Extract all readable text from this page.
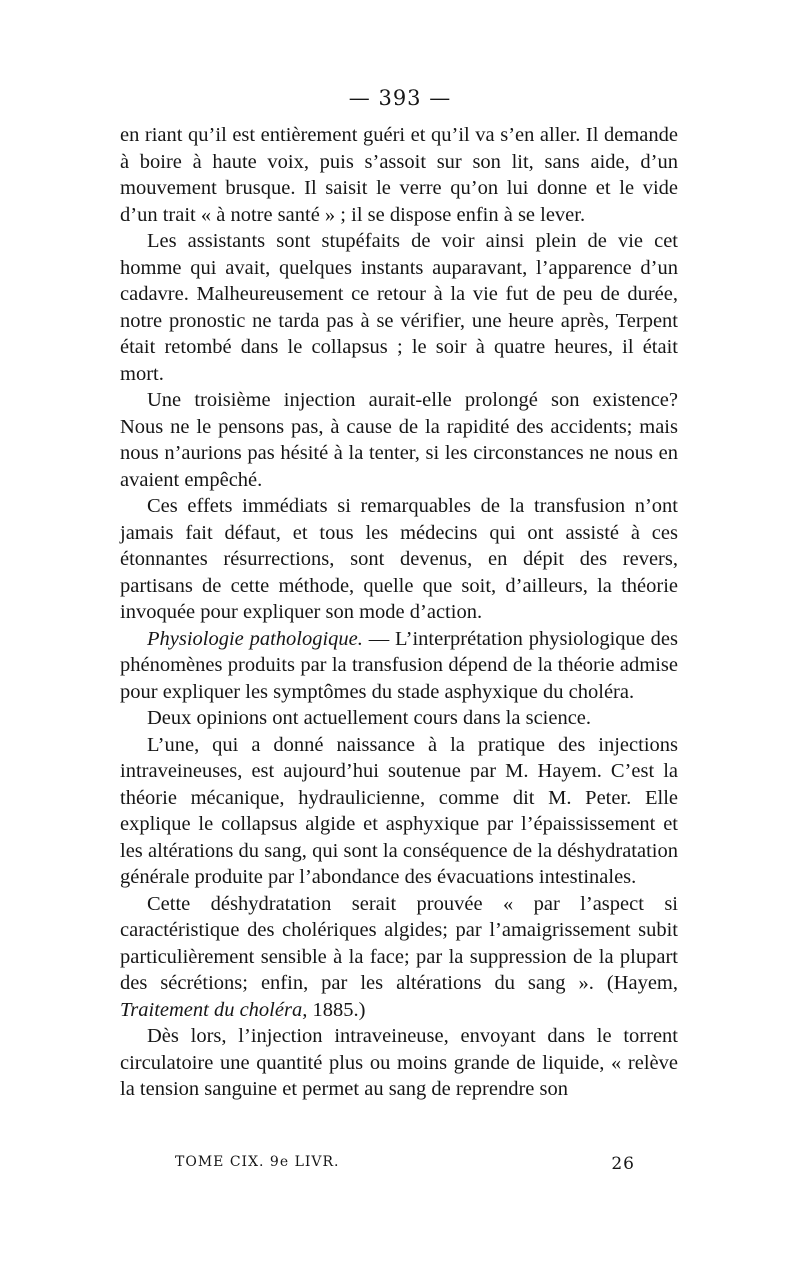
— 393 —

en riant qu’il est entièrement guéri et qu’il va s’en aller. Il demande à boire à haute voix, puis s’assoit sur son lit, sans aide, d’un mouvement brusque. Il saisit le verre qu’on lui donne et le vide d’un trait « à notre santé » ; il se dispose enfin à se lever.

Les assistants sont stupéfaits de voir ainsi plein de vie cet homme qui avait, quelques instants auparavant, l’apparence d’un cadavre. Malheureusement ce retour à la vie fut de peu de durée, notre pronostic ne tarda pas à se vérifier, une heure après, Terpent était retombé dans le collapsus ; le soir à quatre heures, il était mort.

Une troisième injection aurait-elle prolongé son existence? Nous ne le pensons pas, à cause de la rapidité des accidents; mais nous n’aurions pas hésité à la tenter, si les circonstances ne nous en avaient empêché.

Ces effets immédiats si remarquables de la transfusion n’ont jamais fait défaut, et tous les médecins qui ont assisté à ces étonnantes résurrections, sont devenus, en dépit des revers, partisans de cette méthode, quelle que soit, d’ailleurs, la théorie invoquée pour expliquer son mode d’action.

Physiologie pathologique. — L’interprétation physiologique des phénomènes produits par la transfusion dépend de la théorie admise pour expliquer les symptômes du stade asphyxique du choléra.

Deux opinions ont actuellement cours dans la science.

L’une, qui a donné naissance à la pratique des injections intraveineuses, est aujourd’hui soutenue par M. Hayem. C’est la théorie mécanique, hydraulicienne, comme dit M. Peter. Elle explique le collapsus algide et asphyxique par l’épaississement et les altérations du sang, qui sont la conséquence de la déshydratation générale produite par l’abondance des évacuations intestinales.

Cette déshydratation serait prouvée « par l’aspect si caractéristique des cholériques algides; par l’amaigrissement subit particulièrement sensible à la face; par la suppression de la plupart des sécrétions; enfin, par les altérations du sang ». (Hayem, Traitement du choléra, 1885.)

Dès lors, l’injection intraveineuse, envoyant dans le torrent circulatoire une quantité plus ou moins grande de liquide, « relève la tension sanguine et permet au sang de reprendre son

TOME CIX. 9e LIVR.	26
